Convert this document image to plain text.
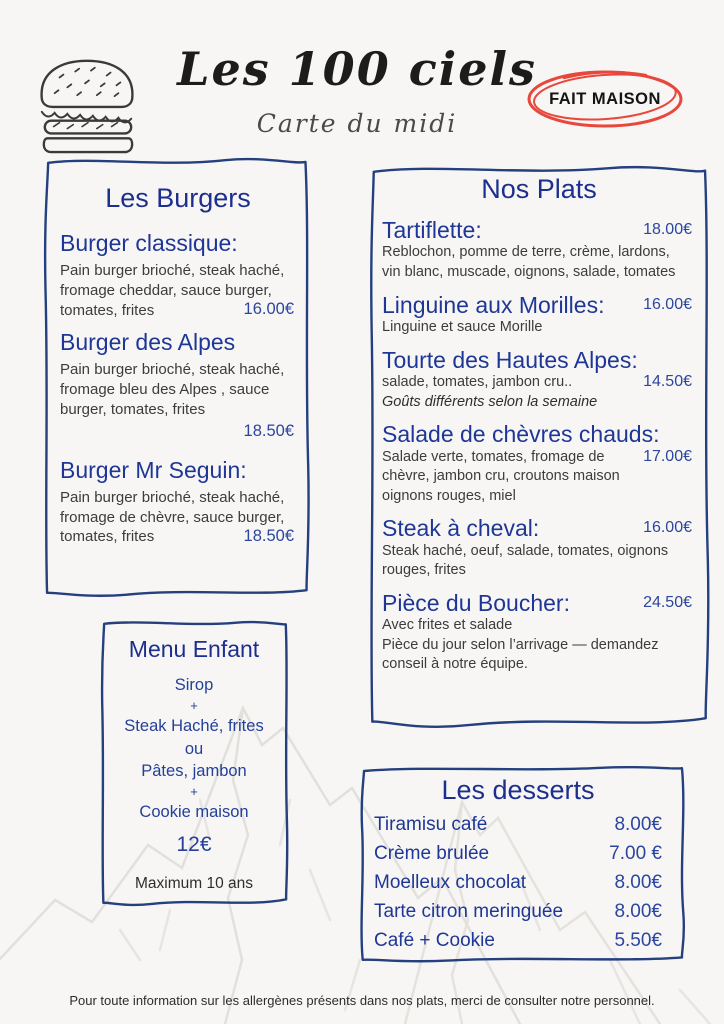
Les 100 ciels
Carte du midi
FAIT MAISON
Les Burgers
Burger classique:
Pain burger brioché, steak haché, fromage cheddar, sauce burger, tomates, frites	16.00€
Burger des Alpes
Pain burger brioché, steak haché, fromage bleu des Alpes , sauce burger, tomates, frites
18.50€
Burger Mr Seguin:
Pain burger brioché, steak haché, fromage de chèvre, sauce burger, tomates, frites	18.50€
Nos Plats
Tartiflette:	18.00€
Reblochon, pomme de terre, crème, lardons, vin blanc, muscade, oignons, salade, tomates
Linguine aux Morilles: 16.00€
Linguine et sauce Morille
Tourte des Hautes Alpes:
salade, tomates, jambon cru..	14.50€
Goûts différents selon la semaine
Salade de chèvres chauds:
Salade verte, tomates, fromage de chèvre, jambon cru, croutons maison oignons rouges, miel
17.00€
Steak à cheval:	16.00€
Steak haché, oeuf, salade, tomates, oignons rouges, frites
Pièce du Boucher:	24.50€
Avec frites et salade
Pièce du jour selon l’arrivage — demandez conseil à notre équipe.
Menu Enfant
Sirop
+
Steak Haché, frites
ou
Pâtes, jambon
+
Cookie maison
12€
Maximum 10 ans
Les desserts
Tiramisu café	8.00€
Crème brulée	7.00 €
Moelleux chocolat	8.00€
Tarte citron meringuée	8.00€
Café + Cookie	5.50€
Pour toute information sur les allergènes présents dans nos plats, merci de consulter notre personnel.
